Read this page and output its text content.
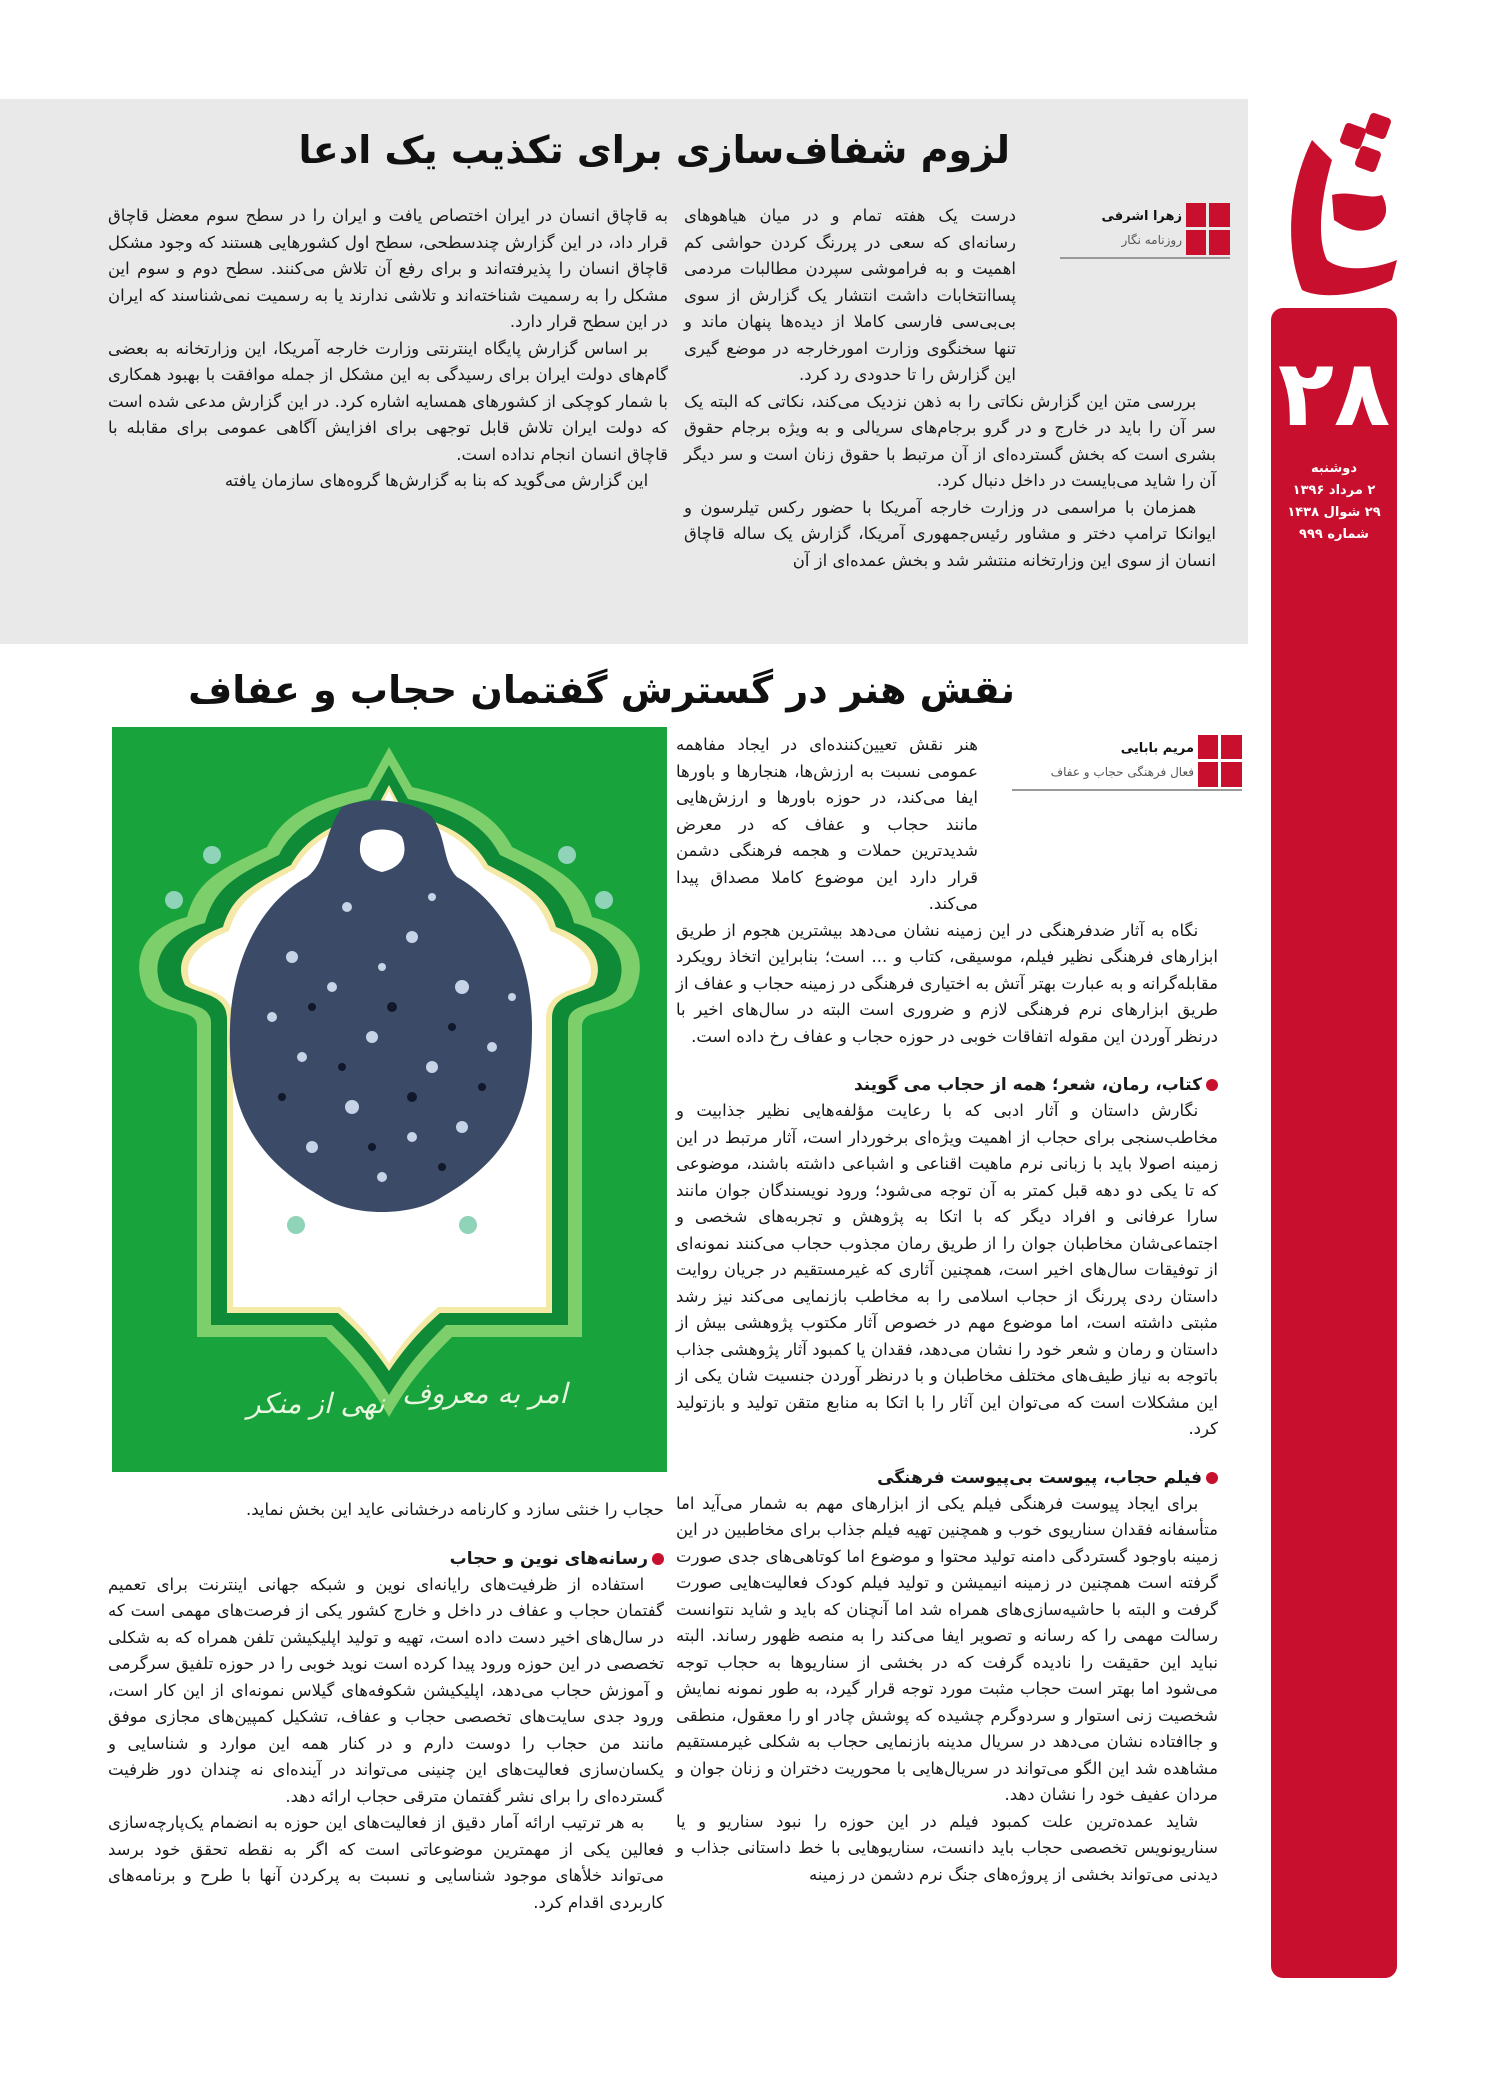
۲۸
دوشنبه
۲ مرداد ۱۳۹۶
۲۹ شوال ۱۴۳۸
شماره ۹۹۹
لزوم شفاف‌سازی برای تکذیب یک ادعا
زهرا اشرفی
روزنامه نگار

درست یک هفته تمام و در میان هیاهوهای رسانه‌ای که سعی در پررنگ کردن حواشی کم اهمیت و به فراموشی سپردن مطالبات مردمی پساانتخابات داشت انتشار یک گزارش از سوی بی‌بی‌سی فارسی کاملا از دیده‌ها پنهان ماند و تنها سخنگوی وزارت امورخارجه در موضع گیری این گزارش را تا حدودی رد کرد.

بررسی متن این گزارش نکاتی را به ذهن نزدیک می‌کند، نکاتی که البته یک سر آن را باید در خارج و در گرو برجام‌های سریالی و به ویژه برجام حقوق بشری است که بخش گسترده‌ای از آن مرتبط با حقوق زنان است و سر دیگر آن را شاید می‌بایست در داخل دنبال کرد.

همزمان با مراسمی در وزارت خارجه آمریکا با حضور رکس تیلرسون و ایوانکا ترامپ دختر و مشاور رئیس‌جمهوری آمریکا، گزارش یک ساله قاچاق انسان از سوی این وزارتخانه منتشر شد و بخش عمده‌ای از آن

به قاچاق انسان در ایران اختصاص یافت و ایران را در سطح سوم معضل قاچاق قرار داد، در این گزارش چندسطحی، سطح اول کشورهایی هستند که وجود مشکل قاچاق انسان را پذیرفته‌اند و برای رفع آن تلاش می‌کنند. سطح دوم و سوم این مشکل را به رسمیت شناخته‌اند و تلاشی ندارند یا به رسمیت نمی‌شناسند که ایران در این سطح قرار دارد.

بر اساس گزارش پایگاه اینترنتی وزارت خارجه آمریکا، این وزارتخانه به بعضی گام‌های دولت ایران برای رسیدگی به این مشکل از جمله موافقت با بهبود همکاری با شمار کوچکی از کشورهای همسایه اشاره کرد. در این گزارش مدعی شده است که دولت ایران تلاش قابل توجهی برای افزایش آگاهی عمومی برای مقابله با قاچاق انسان انجام نداده است.

این گزارش می‌گوید که بنا به گزارش‌ها گروه‌های سازمان یافته

نقش هنر در گسترش گفتمان حجاب و عفاف
مریم بابایی
فعال فرهنگی حجاب و عفاف

هنر نقش تعیین‌کننده‌ای در ایجاد مفاهمه عمومی نسبت به ارزش‌ها، هنجارها و باورها ایفا می‌کند، در حوزه باورها و ارزش‌هایی مانند حجاب و عفاف که در معرض شدیدترین حملات و هجمه فرهنگی دشمن قرار دارد این موضوع کاملا مصداق پیدا می‌کند.

نگاه به آثار ضدفرهنگی در این زمینه نشان می‌دهد بیشترین هجوم از طریق ابزارهای فرهنگی نظیر فیلم، موسیقی، کتاب و ... است؛ بنابراین اتخاذ رویکرد مقابله‌گرانه و به عبارت بهتر آتش به اختیاری فرهنگی در زمینه حجاب و عفاف از طریق ابزارهای نرم فرهنگی لازم و ضروری است البته در سال‌های اخیر با درنظر آوردن این مقوله اتفاقات خوبی در حوزه حجاب و عفاف رخ داده است.

کتاب، رمان، شعر؛ همه از حجاب می گویند

نگارش داستان و آثار ادبی که با رعایت مؤلفه‌هایی نظیر جذابیت و مخاطب‌سنجی برای حجاب از اهمیت ویژه‌ای برخوردار است، آثار مرتبط در این زمینه اصولا باید با زبانی نرم ماهیت اقناعی و اشباعی داشته باشند، موضوعی که تا یکی دو دهه قبل کمتر به آن توجه می‌شود؛ ورود نویسندگان جوان مانند سارا عرفانی و افراد دیگر که با اتکا به پژوهش و تجربه‌های شخصی و اجتماعی‌شان مخاطبان جوان را از طریق رمان مجذوب حجاب می‌کنند نمونه‌ای از توفیقات سال‌های اخیر است، همچنین آثاری که غیرمستقیم در جریان روایت داستان ردی پررنگ از حجاب اسلامی را به مخاطب بازنمایی می‌کند نیز رشد مثبتی داشته است، اما موضوع مهم در خصوص آثار مکتوب پژوهشی بیش از داستان و رمان و شعر خود را نشان می‌دهد، فقدان یا کمبود آثار پژوهشی جذاب باتوجه به نیاز طیف‌های مختلف مخاطبان و با درنظر آوردن جنسیت شان یکی از این مشکلات است که می‌توان این آثار را با اتکا به منابع متقن تولید و بازتولید کرد.

فیلم حجاب، پیوست بی‌پیوست فرهنگی

برای ایجاد پیوست فرهنگی فیلم یکی از ابزارهای مهم به شمار می‌آید اما متأسفانه فقدان سناریوی خوب و همچنین تهیه فیلم جذاب برای مخاطبین در این زمینه باوجود گستردگی دامنه تولید محتوا و موضوع اما کوتاهی‌های جدی صورت گرفته است همچنین در زمینه انیمیشن و تولید فیلم کودک فعالیت‌هایی صورت گرفت و البته با حاشیه‌سازی‌های همراه شد اما آنچنان که باید و شاید نتوانست رسالت مهمی را که رسانه و تصویر ایفا می‌کند را به منصه ظهور رساند. البته نباید این حقیقت را نادیده گرفت که در بخشی از سناریوها به حجاب توجه می‌شود اما بهتر است حجاب مثبت مورد توجه قرار گیرد، به طور نمونه نمایش شخصیت زنی استوار و سردوگرم چشیده که پوشش چادر او را معقول، منطقی و جاافتاده نشان می‌دهد در سریال مدینه بازنمایی حجاب به شکلی غیرمستقیم مشاهده شد این الگو می‌تواند در سریال‌هایی با محوریت دختران و زنان جوان و مردان عفیف خود را نشان دهد.

شاید عمده‌ترین علت کمبود فیلم در این حوزه را نبود سناریو و یا سناریونویس تخصصی حجاب باید دانست، سناریوهایی با خط داستانی جذاب و دیدنی می‌تواند بخشی از پروژه‌های جنگ نرم دشمن در زمینه

امر به معروف
نهی از منکر

حجاب را خنثی سازد و کارنامه درخشانی عاید این بخش نماید.

رسانه‌های نوین و حجاب

استفاده از ظرفیت‌های رایانه‌ای نوین و شبکه جهانی اینترنت برای تعمیم گفتمان حجاب و عفاف در داخل و خارج کشور یکی از فرصت‌های مهمی است که در سال‌های اخیر دست داده است، تهیه و تولید اپلیکیشن تلفن همراه که به شکلی تخصصی در این حوزه ورود پیدا کرده است نوید خوبی را در حوزه تلفیق سرگرمی و آموزش حجاب می‌دهد، اپلیکیشن شکوفه‌های گیلاس نمونه‌ای از این کار است، ورود جدی سایت‌های تخصصی حجاب و عفاف، تشکیل کمپین‌های مجازی موفق مانند من حجاب را دوست دارم و در کنار همه این موارد و شناسایی و یکسان‌سازی فعالیت‌های این چنینی می‌تواند در آینده‌ای نه چندان دور ظرفیت گسترده‌ای را برای نشر گفتمان مترقی حجاب ارائه دهد.

به هر ترتیب ارائه آمار دقیق از فعالیت‌های این حوزه به انضمام یک‌پارچه‌سازی فعالین یکی از مهمترین موضوعاتی است که اگر به نقطه تحقق خود برسد می‌تواند خلأهای موجود شناسایی و نسبت به پرکردن آنها با طرح و برنامه‌های کاربردی اقدام کرد.
